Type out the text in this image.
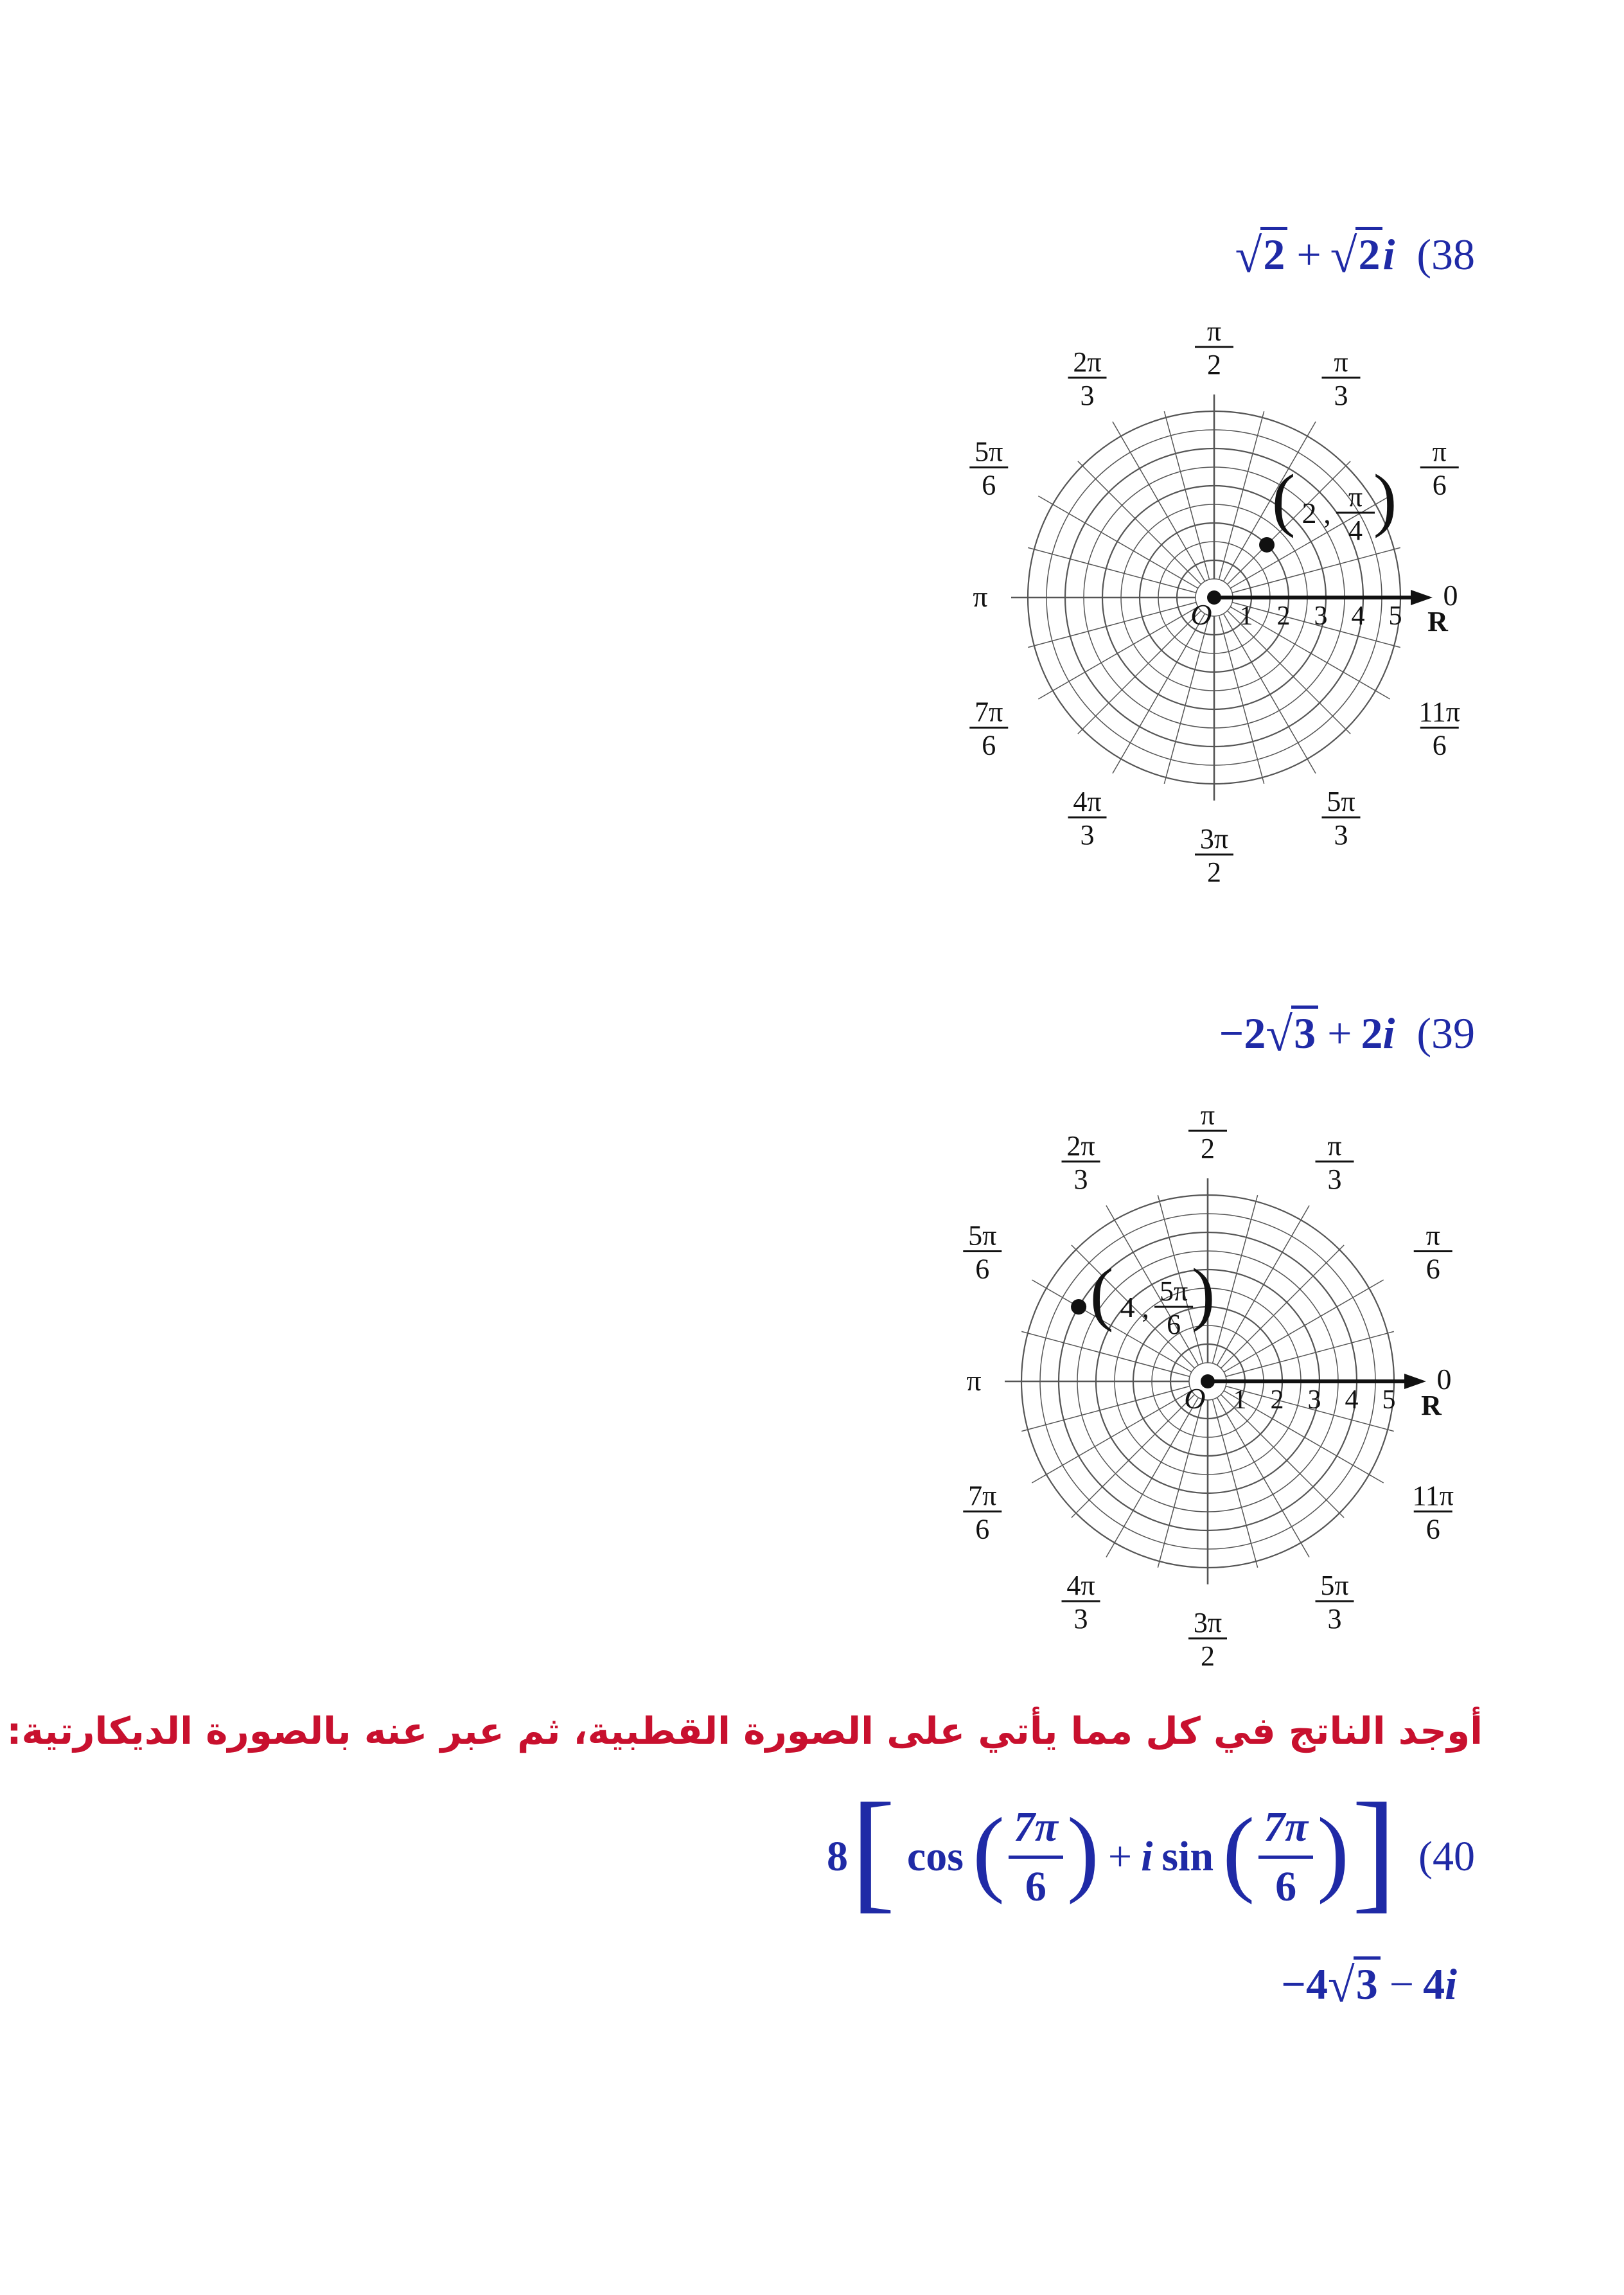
√2 + √2i (38
O 1 2 3 4 5 R
0
π
π
2
2π
3
π
3
5π
6
π
6
7π
6
11π
6
4π
3
5π
3
3π
2
( 2 , π
4 )
−2√3 + 2i (39
O 1 2 3 4 5 R
0
π
π
2
2π
3
π
3
5π
6
π
6
7π
6
11π
6
4π
3
5π
3
3π
2
( 4 , 5π
6 )
أوجد الناتج في كل مما يأتي على الصورة القطبية، ثم عبر عنه بالصورة الديكارتية:
8 [ cos ( $\frac{7\pi}{6}$ ) + i sin ( $\frac{7\pi}{6}$ ) ] (40
−4√3 − 4i
